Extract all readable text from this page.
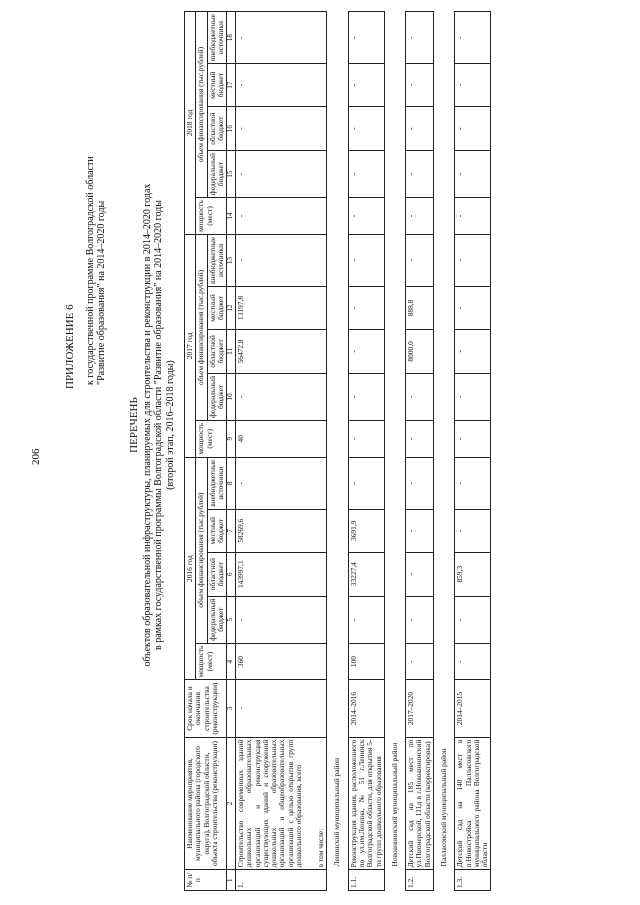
206
ПРИЛОЖЕНИЕ 6 к государственной программе Волгоградской области "Развитие образования" на 2014–2020 годы
ПЕРЕЧЕНЬ объектов образовательной инфраструктуры, планируемых для строительства и реконструкции в 2014–2020 годах в рамках государственной программы Волгоградской области "Развитие образования" на 2014–2020 годы (второй этап, 2016–2018 годы)
№ п/п	Наименование мероприятия, муниципального района (городского округа), Волгоградской области, объекта строительства (реконструкции)	Срок начала и окончания строительства (реконструкции)	2016 год					2017 год					2018 год				
			мощность (мест)	объем финансирования (тыс.рублей)				мощность (мест)	объем финансирования (тыс.рублей)				мощность (мест)	объем финансирования (тыс.рублей)			
				федеральный бюджет	областной бюджет	местный бюджет	внебюджетные источники		федеральный бюджет	областной бюджет	местный бюджет	внебюджетные источники		федеральный бюджет	областной бюджет	местный бюджет	внебюджетные источники
1	2	3	4	5	6	7	8	9	10	11	12	13	14	15	16	17	18
1.	Строительство современных зданий дошкольных образовательных организаций и реконструкция существующих зданий и сооружений дошкольных образовательных организаций и общеобразовательных организаций с целью открытия групп дошкольного образования, всего в том числе:	-	360	-	143997,1	58269,6	-	40	-	56472,8	13197,8	-	-	-	-	-	-
Ленинский муниципальный район																	
1.1.	Реконструкция здания, расположенного по ул.им.Ленина, № 51 г.Ленинск Волгоградской области, для открытия 5-ти групп дошкольного образования	2014–2016	100	-	33227,4	3691,9	-	-	-	-	-	-	-	-	-	-	-
Новоаннинский муниципальный район																	
1.2.	Детский сад на 185 мест по ул.Пионерской, 111д в г.Новоаннинский Волгоградской области (корректировка)	2017–2020	-	-	-	-	-	-	-	8000,0	888,8	-	-	-	-	-	-
Палласовский муниципальный район																	
1.3.	Детский сад на 140 мест в п.Новостройка Палласовского муниципального района Волгоградской области	2014–2015	-	-	859,3	-	-	-	-	-	-	-	-	-	-	-	-
